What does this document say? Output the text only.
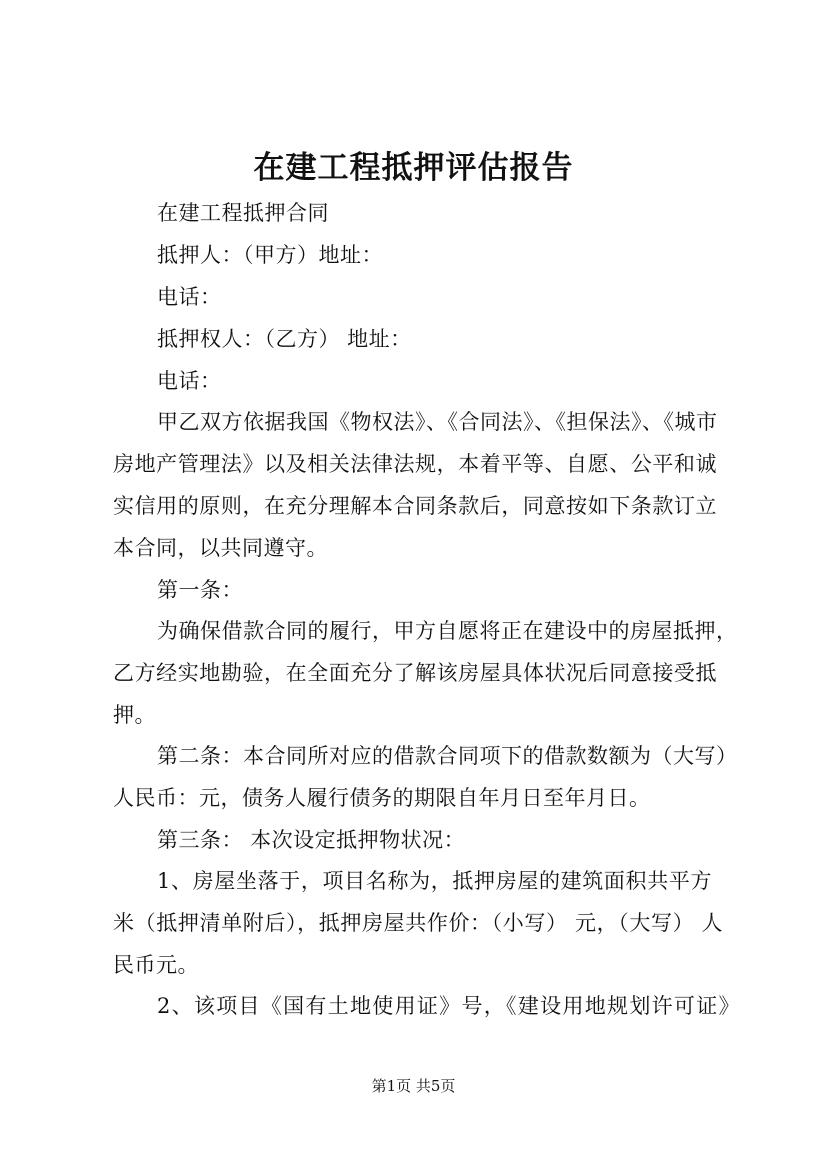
在建工程抵押评估报告
在建工程抵押合同
抵押人：（甲方）地址：
电话：
抵押权人：（乙方） 地址：
电话：
甲乙双方依据我国《物权法》、《合同法》、《担保法》、《城市
房地产管理法》以及相关法律法规，本着平等、自愿、公平和诚
实信用的原则，在充分理解本合同条款后，同意按如下条款订立
本合同，以共同遵守。
第一条：
为确保借款合同的履行，甲方自愿将正在建设中的房屋抵押，
乙方经实地勘验，在全面充分了解该房屋具体状况后同意接受抵
押。
第二条：本合同所对应的借款合同项下的借款数额为（大写）
人民币：元，债务人履行债务的期限自年月日至年月日。
第三条： 本次设定抵押物状况：
1、房屋坐落于，项目名称为，抵押房屋的建筑面积共平方
米（抵押清单附后），抵押房屋共作价：（小写） 元，（大写） 人
民币元。
2、该项目《国有土地使用证》号，《建设用地规划许可证》
第1页 共5页
